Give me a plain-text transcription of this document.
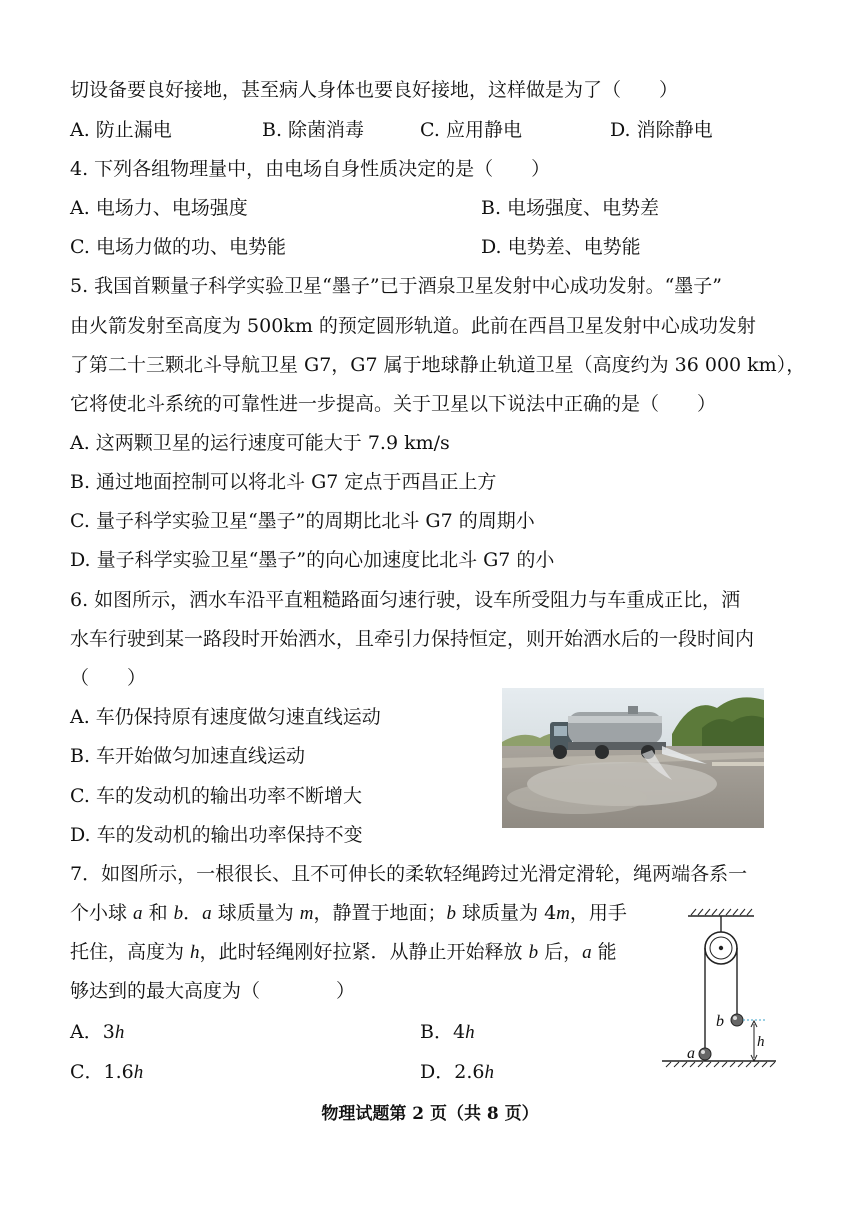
切设备要良好接地，甚至病人身体也要良好接地，这样做是为了（　　）
A. 防止漏电	B. 除菌消毒	C. 应用静电	D. 消除静电
4. 下列各组物理量中，由电场自身性质决定的是（　　）
A. 电场力、电场强度	B. 电场强度、电势差
C. 电场力做的功、电势能	D. 电势差、电势能
5. 我国首颗量子科学实验卫星“墨子”已于酒泉卫星发射中心成功发射。“墨子”
由火箭发射至高度为 500km 的预定圆形轨道。此前在西昌卫星发射中心成功发射
了第二十三颗北斗导航卫星 G7，G7 属于地球静止轨道卫星（高度约为 36 000 km），
它将使北斗系统的可靠性进一步提高。关于卫星以下说法中正确的是（　　）
A. 这两颗卫星的运行速度可能大于 7.9 km/s
B. 通过地面控制可以将北斗 G7 定点于西昌正上方
C. 量子科学实验卫星“墨子”的周期比北斗 G7 的周期小
D. 量子科学实验卫星“墨子”的向心加速度比北斗 G7 的小
6. 如图所示，洒水车沿平直粗糙路面匀速行驶，设车所受阻力与车重成正比，洒
水车行驶到某一路段时开始洒水，且牵引力保持恒定，则开始洒水后的一段时间内
（　　）
A. 车仍保持原有速度做匀速直线运动
B. 车开始做匀加速直线运动
C. 车的发动机的输出功率不断增大
D. 车的发动机的输出功率保持不变
7．如图所示，一根很长、且不可伸长的柔软轻绳跨过光滑定滑轮，绳两端各系一
个小球 a 和 b．a 球质量为 m，静置于地面；b 球质量为 4m，用手
托住，高度为 h，此时轻绳刚好拉紧．从静止开始释放 b 后，a 能
够达到的最大高度为（　　　　）
A．3h	B．4h
C．1.6h	D．2.6h
b
a
h
物理试题第 2 页（共 8 页）
